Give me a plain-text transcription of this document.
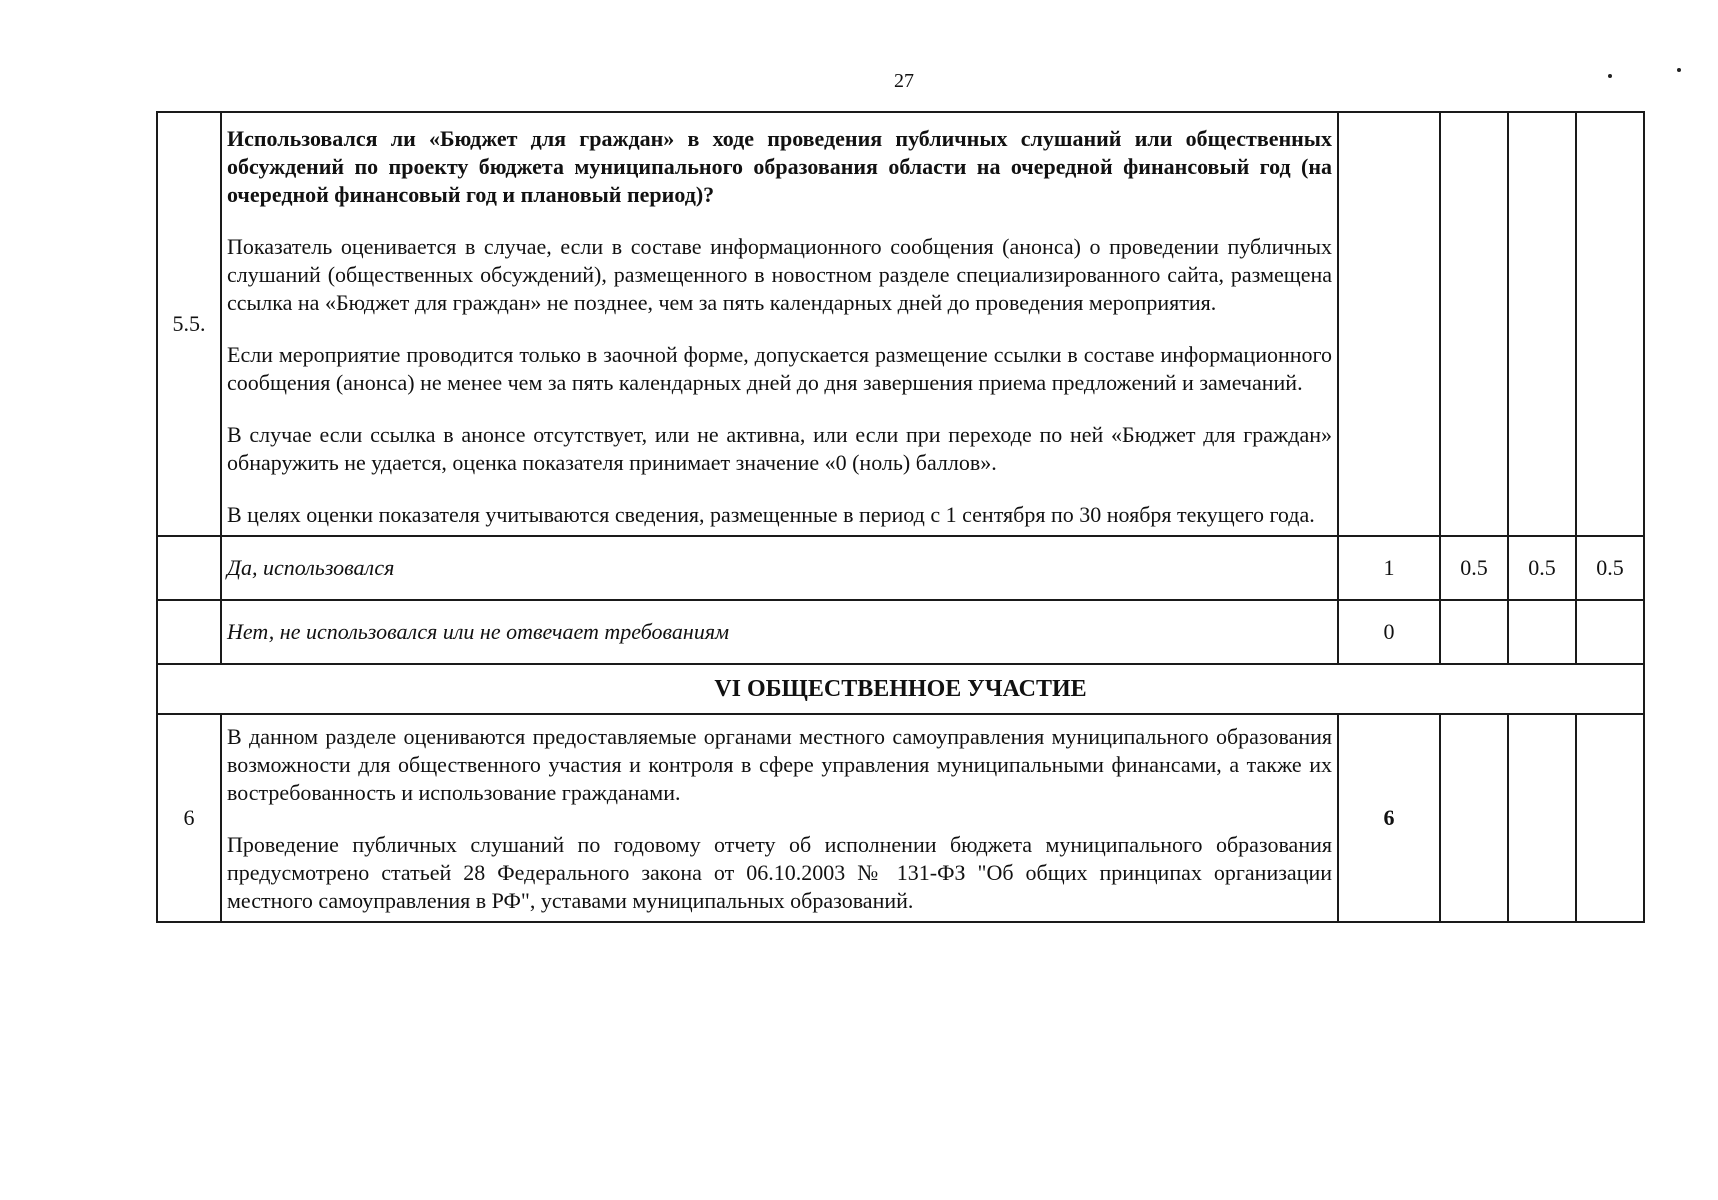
27
5.5.	Использовался ли «Бюджет для граждан» в ходе проведения публичных слушаний или общественных обсуждений по проекту бюджета муниципального образования области на очередной финансовый год (на очередной финансовый год и плановый период)?

Показатель оценивается в случае, если в составе информационного сообщения (анонса) о проведении публичных слушаний (общественных обсуждений), размещенного в новостном разделе специализированного сайта, размещена ссылка на «Бюджет для граждан» не позднее, чем за пять календарных дней до проведения мероприятия.

Если мероприятие проводится только в заочной форме, допускается размещение ссылки в составе информационного сообщения (анонса) не менее чем за пять календарных дней до дня завершения приема предложений и замечаний.

В случае если ссылка в анонсе отсутствует, или не активна, или если при переходе по ней «Бюджет для граждан» обнаружить не удается, оценка показателя принимает значение «0 (ноль) баллов».

В целях оценки показателя учитываются сведения, размещенные в период с 1 сентября по 30 ноября текущего года.				

	Да, использовался	1	0.5	0.5	0.5
	Нет, не использовался или не отвечает требованиям	0			
VI ОБЩЕСТВЕННОЕ УЧАСТИЕ					
6	В данном разделе оцениваются предоставляемые органами местного самоуправления муниципального образования возможности для общественного участия и контроля в сфере управления муниципальными финансами, а также их востребованность и использование гражданами.

Проведение публичных слушаний по годовому отчету об исполнении бюджета муниципального образования предусмотрено статьей 28 Федерального закона от 06.10.2003 № 131-ФЗ "Об общих принципах организации местного самоуправления в РФ", уставами муниципальных образований.	6			
